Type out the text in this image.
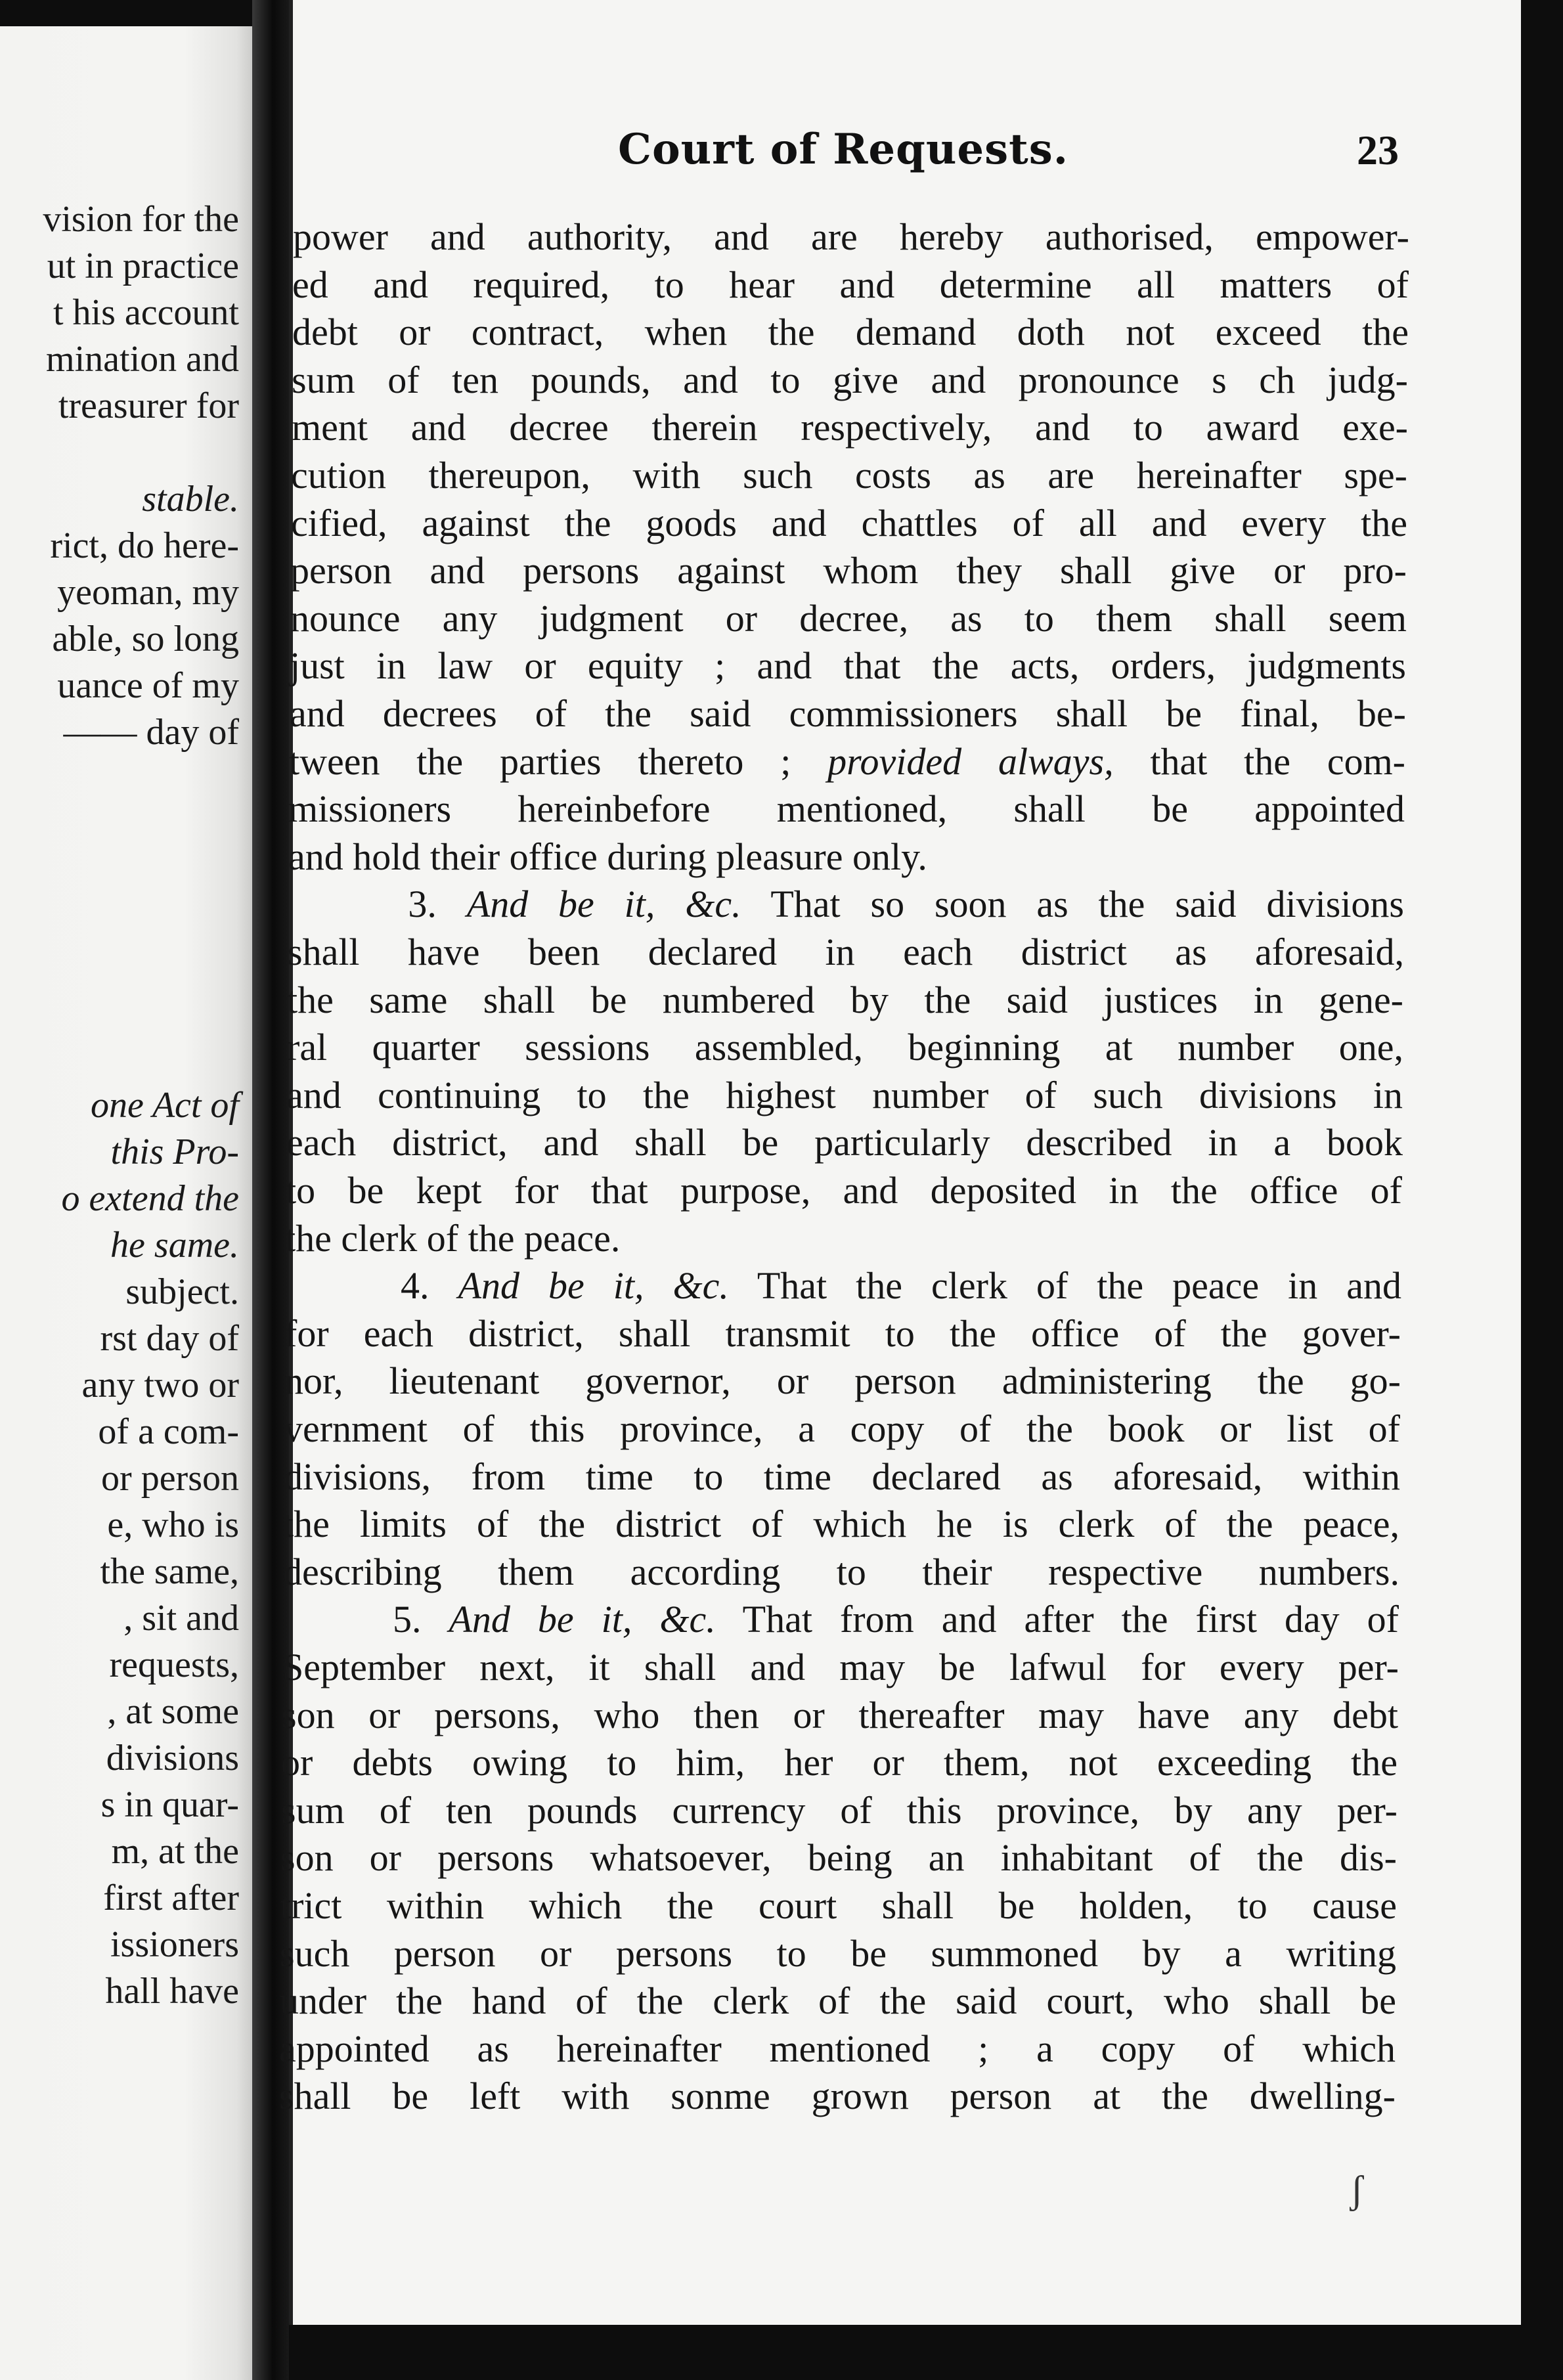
vision for the
ut in practice
t his account
mination and
treasurer for
stable.
rict, do here-
yeoman, my
able, so long
uance of my
—— day of
one Act of
this Pro-
o extend the
he same.
subject.
rst day of
any two or
of a com-
or person
e, who is
the same,
, sit and
requests,
, at some
divisions
s in quar-
m, at the
first after
issioners
hall have
Court of Requests.	23
power and authority, and are hereby authorised, empower-
ed and required, to hear and determine all matters of
debt or contract, when the demand doth not exceed the
sum of ten pounds, and to give and pronounce s ch judg-
ment and decree therein respectively, and to award exe-
cution thereupon, with such costs as are hereinafter spe-
cified, against the goods and chattles of all and every the
person and persons against whom they shall give or pro-
nounce any judgment or decree, as to them shall seem
just in law or equity ; and that the acts, orders, judgments
and decrees of the said commissioners shall be final, be-
tween the parties thereto ; provided always, that the com-
missioners hereinbefore mentioned, shall be appointed
and hold their office during pleasure only.
3. And be it, &c. That so soon as the said divisions
shall have been declared in each district as aforesaid,
the same shall be numbered by the said justices in gene-
ral quarter sessions assembled, beginning at number one,
and continuing to the highest number of such divisions in
each district, and shall be particularly described in a book
to be kept for that purpose, and deposited in the office of
the clerk of the peace.
4. And be it, &c. That the clerk of the peace in and
for each district, shall transmit to the office of the gover-
nor, lieutenant governor, or person administering the go-
vernment of this province, a copy of the book or list of
divisions, from time to time declared as aforesaid, within
the limits of the district of which he is clerk of the peace,
describing them according to their respective numbers.
5. And be it, &c. That from and after the first day of
September next, it shall and may be lafwul for every per-
son or persons, who then or thereafter may have any debt
or debts owing to him, her or them, not exceeding the
sum of ten pounds currency of this province, by any per-
son or persons whatsoever, being an inhabitant of the dis-
trict within which the court shall be holden, to cause
such person or persons to be summoned by a writing
under the hand of the clerk of the said court, who shall be
appointed as hereinafter mentioned ; a copy of which
shall be left with sonme grown person at the dwelling-
ʃ
